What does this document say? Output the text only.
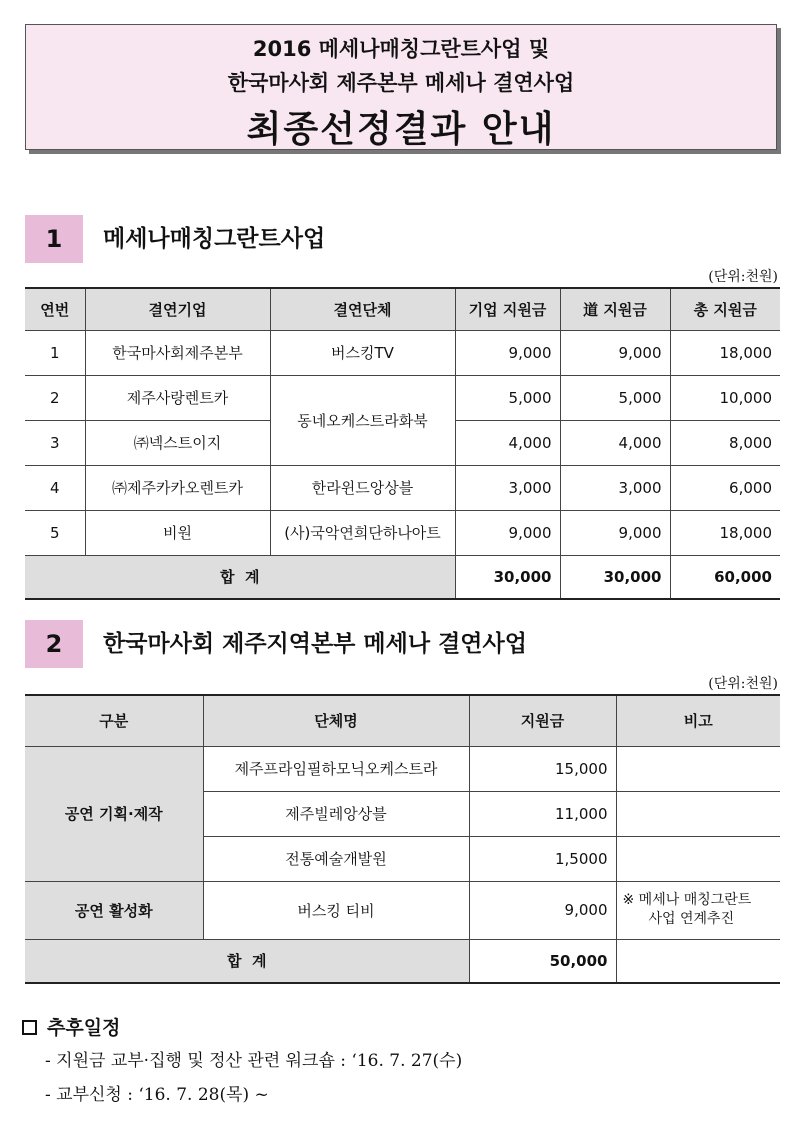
2016 메세나매칭그란트사업 및
한국마사회 제주본부 메세나 결연사업
최종선정결과 안내
1	메세나매칭그란트사업
(단위:천원)
연번	결연기업	결연단체	기업 지원금	道 지원금	총 지원금
1	한국마사회제주본부	버스킹TV	9,000	9,000	18,000
2	제주사랑렌트카	동네오케스트라화북	5,000	5,000	10,000
3	㈜넥스트이지		4,000	4,000	8,000
4	㈜제주카카오렌트카	한라윈드앙상블	3,000	3,000	6,000
5	비원	(사)국악연희단하나아트	9,000	9,000	18,000
합  계			30,000	30,000	60,000
2	한국마사회 제주지역본부 메세나 결연사업
(단위:천원)
구분	단체명	지원금	비고
공연 기획·제작	제주프라임필하모닉오케스트라	15,000	
	제주빌레앙상블	11,000	
	전통예술개발원	1,5000	
공연 활성화	버스킹 티비	9,000	※ 메세나 매칭그란트
사업 연계추진

합  계		50,000	
추후일정
- 지원금 교부·집행 및 정산 관련 워크숍 : ‘16. 7. 27(수)
- 교부신청 : ‘16. 7. 28(목) ~
